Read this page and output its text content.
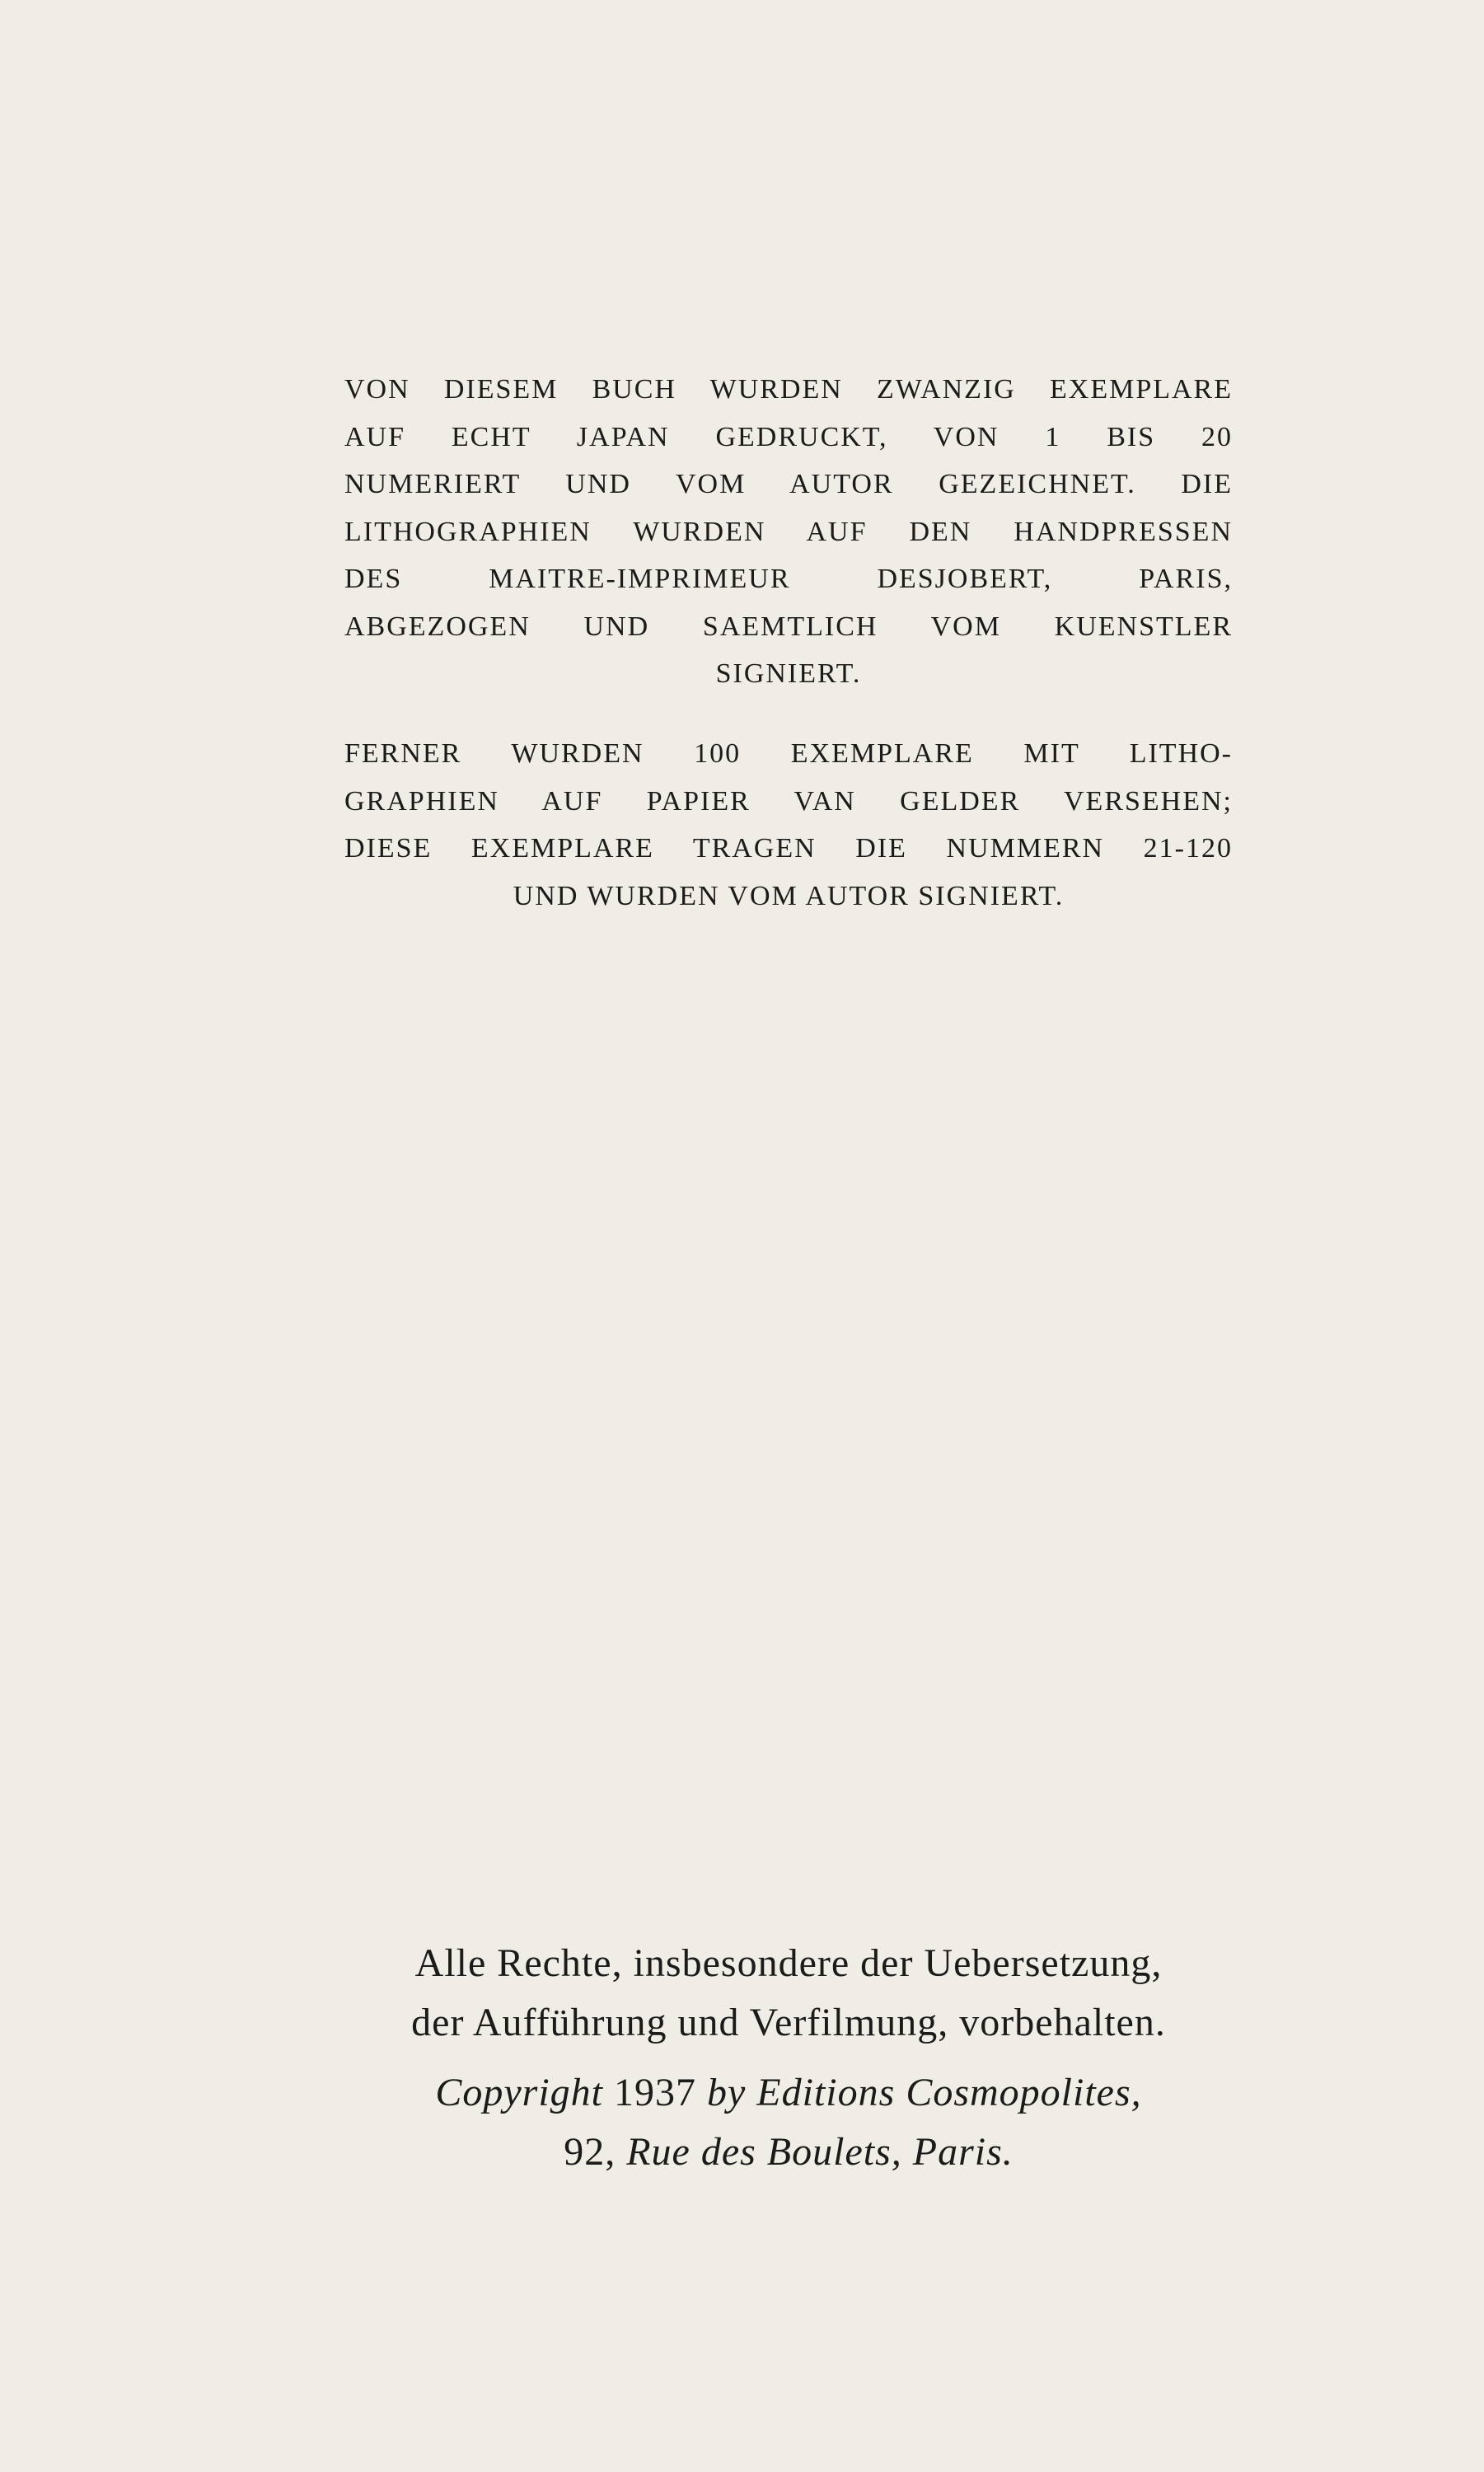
VON DIESEM BUCH WURDEN ZWANZIG EXEMPLARE
AUF ECHT JAPAN GEDRUCKT, VON 1 BIS 20
NUMERIERT UND VOM AUTOR GEZEICHNET. DIE
LITHOGRAPHIEN WURDEN AUF DEN HANDPRESSEN
DES MAITRE-IMPRIMEUR DESJOBERT, PARIS,
ABGEZOGEN UND SAEMTLICH VOM KUENSTLER
SIGNIERT.
FERNER WURDEN 100 EXEMPLARE MIT LITHO-
GRAPHIEN AUF PAPIER VAN GELDER VERSEHEN;
DIESE EXEMPLARE TRAGEN DIE NUMMERN 21-120
UND WURDEN VOM AUTOR SIGNIERT.
Alle Rechte, insbesondere der Uebersetzung,
der Aufführung und Verfilmung, vorbehalten.
Copyright 1937 by Editions Cosmopolites,
92, Rue des Boulets, Paris.
